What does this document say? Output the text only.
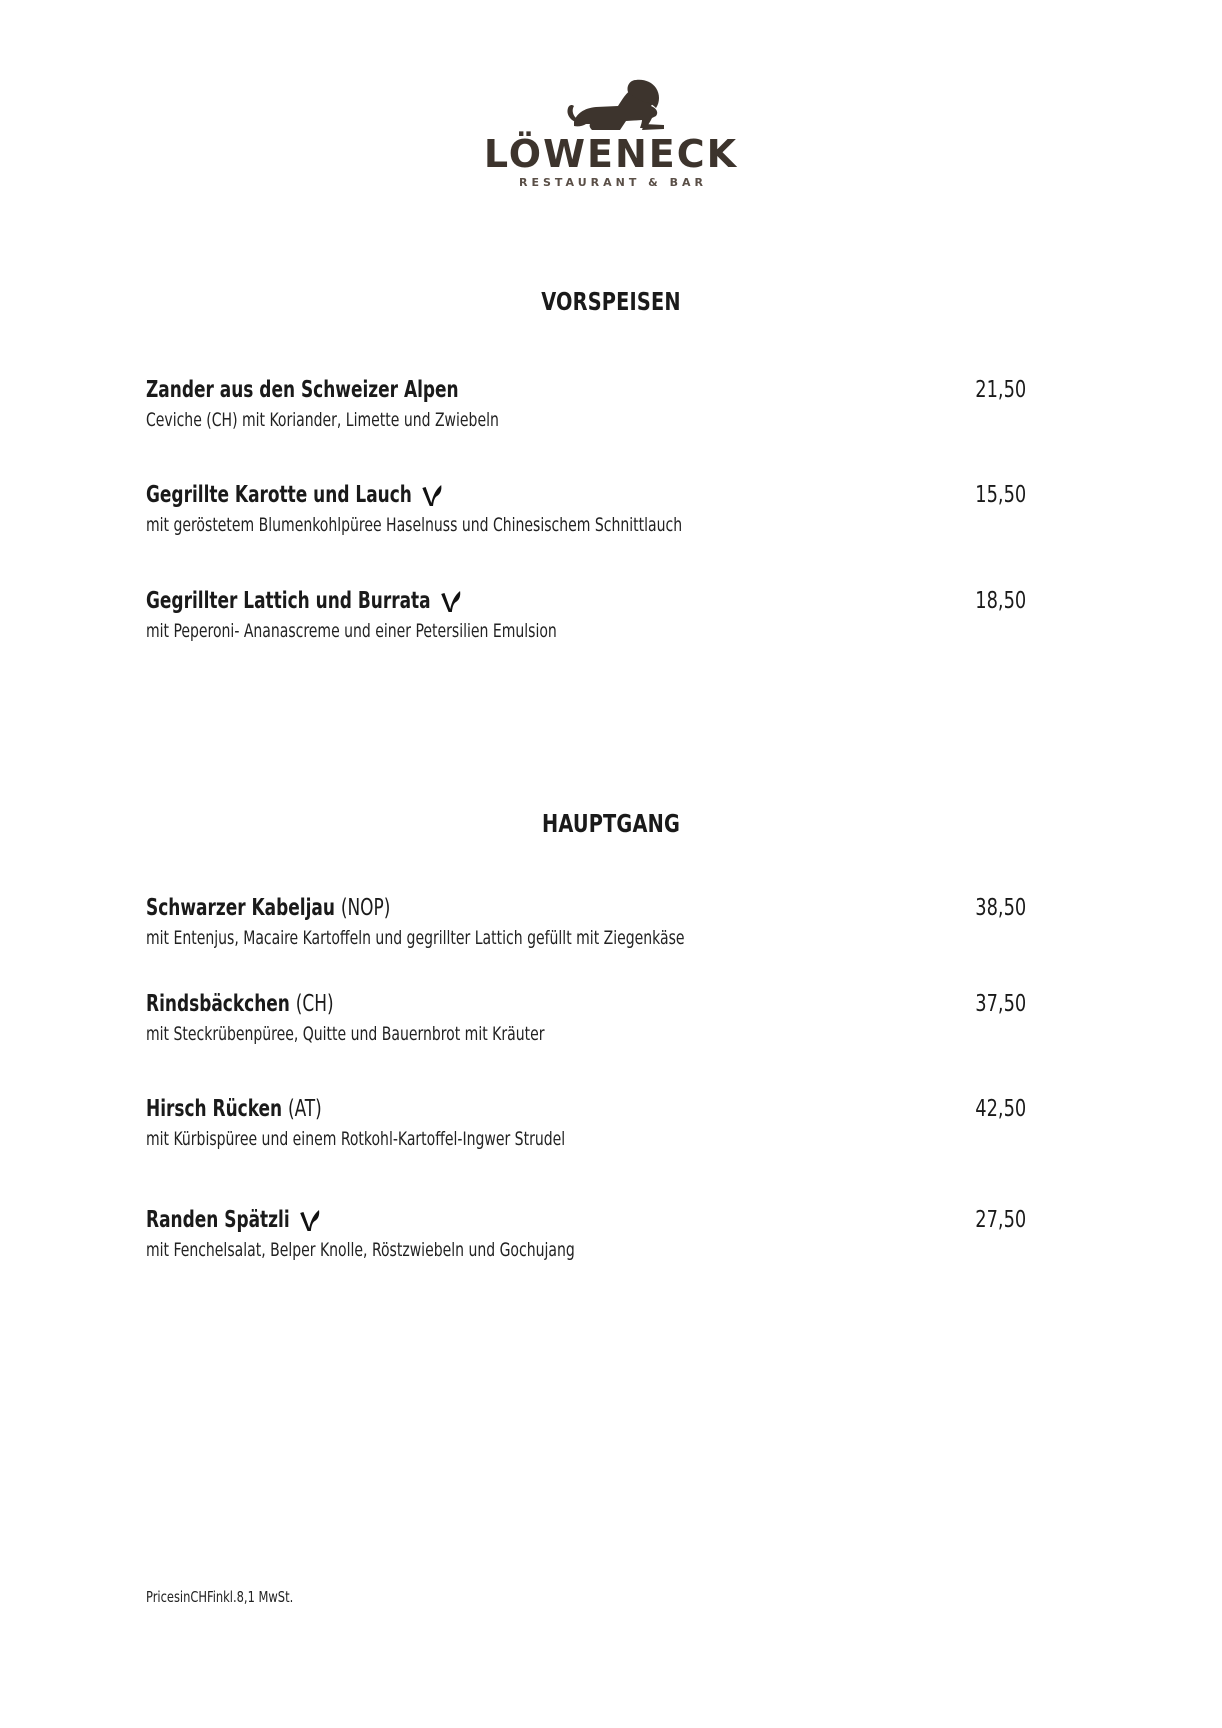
LÖWENECK
RESTAURANT & BAR
VORSPEISEN
Zander aus den Schweizer Alpen	21,50
Ceviche (CH) mit Koriander, Limette und Zwiebeln
Gegrillte Karotte und Lauch	15,50
mit geröstetem Blumenkohlpüree Haselnuss und Chinesischem Schnittlauch
Gegrillter Lattich und Burrata	18,50
mit Peperoni- Ananascreme und einer Petersilien Emulsion
HAUPTGANG
Schwarzer Kabeljau (NOP)	38,50
mit Entenjus, Macaire Kartoffeln und gegrillter Lattich gefüllt mit Ziegenkäse
Rindsbäckchen (CH)	37,50
mit Steckrübenpüree, Quitte und Bauernbrot mit Kräuter
Hirsch Rücken (AT)	42,50
mit Kürbispüree und einem Rotkohl-Kartoffel-Ingwer Strudel
Randen Spätzli	27,50
mit Fenchelsalat, Belper Knolle, Röstzwiebeln und Gochujang
PricesinCHFinkl.8,1 MwSt.
